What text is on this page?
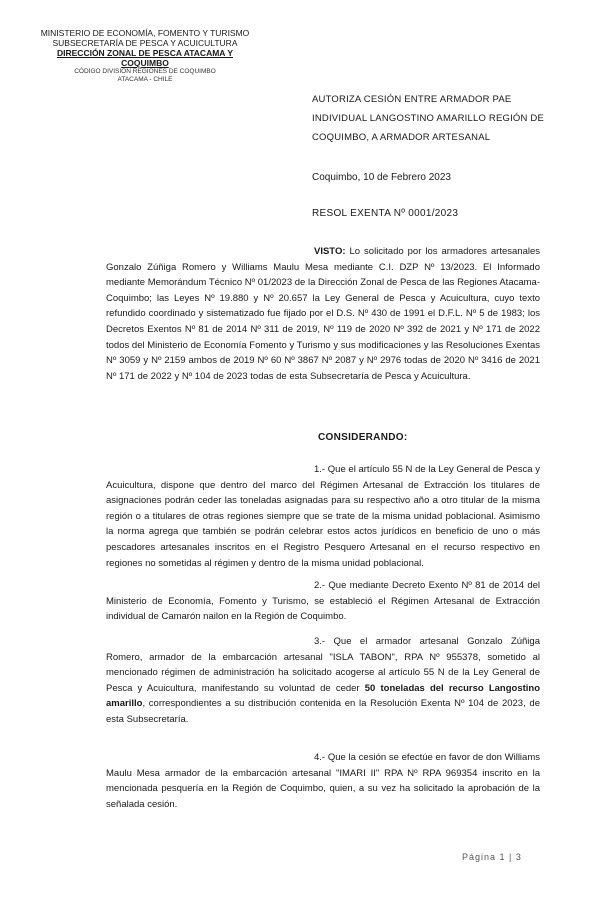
MINISTERIO DE ECONOMÍA, FOMENTO Y TURISMO
SUBSECRETARÍA DE PESCA Y ACUICULTURA
DIRECCIÓN ZONAL DE PESCA ATACAMA Y
COQUIMBO
CÓDIGO DIVISIÓN REGIONES DE COQUIMBO
ATACAMA - CHILE
AUTORIZA CESIÓN ENTRE ARMADOR PAE INDIVIDUAL LANGOSTINO AMARILLO REGIÓN DE COQUIMBO, A ARMADOR ARTESANAL
Coquimbo, 10 de Febrero 2023
RESOL EXENTA Nº 0001/2023
VISTO: Lo solicitado por los armadores artesanales Gonzalo Zúñiga Romero y Williams Maulu Mesa mediante C.I. DZP Nº 13/2023. El Informado mediante Memorándum Técnico Nº 01/2023 de la Dirección Zonal de Pesca de las Regiones Atacama-Coquimbo; las Leyes Nº 19.880 y Nº 20.657 la Ley General de Pesca y Acuicultura, cuyo texto refundido coordinado y sistematizado fue fijado por el D.S. Nº 430 de 1991 el D.F.L. Nº 5 de 1983; los Decretos Exentos Nº 81 de 2014 Nº 311 de 2019, Nº 119 de 2020 Nº 392 de 2021 y Nº 171 de 2022 todos del Ministerio de Economía Fomento y Turismo y sus modificaciones y las Resoluciones Exentas Nº 3059 y Nº 2159 ambos de 2019 Nº 60 Nº 3867 Nº 2087 y Nº 2976 todas de 2020 Nº 3416 de 2021 Nº 171 de 2022 y Nº 104 de 2023 todas de esta Subsecretaría de Pesca y Acuicultura.
CONSIDERANDO:
1.- Que el artículo 55 N de la Ley General de Pesca y Acuicultura, dispone que dentro del marco del Régimen Artesanal de Extracción los titulares de asignaciones podrán ceder las toneladas asignadas para su respectivo año a otro titular de la misma región o a titulares de otras regiones siempre que se trate de la misma unidad poblacional. Asimismo la norma agrega que también se podrán celebrar estos actos jurídicos en beneficio de uno o más pescadores artesanales inscritos en el Registro Pesquero Artesanal en el recurso respectivo en regiones no sometidas al régimen y dentro de la misma unidad poblacional.
2.- Que mediante Decreto Exento Nº 81 de 2014 del Ministerio de Economía, Fomento y Turismo, se estableció el Régimen Artesanal de Extracción individual de Camarón nailon en la Región de Coquimbo.
3.- Que el armador artesanal Gonzalo Zúñiga Romero, armador de la embarcación artesanal "ISLA TABON", RPA Nº 955378, sometido al mencionado régimen de administración ha solicitado acogerse al artículo 55 N de la Ley General de Pesca y Acuicultura, manifestando su voluntad de ceder 50 toneladas del recurso Langostino amarillo, correspondientes a su distribución contenida en la Resolución Exenta Nº 104 de 2023, de esta Subsecretaría.
4.- Que la cesión se efectúe en favor de don Williams Maulu Mesa armador de la embarcación artesanal "IMARI II" RPA Nº RPA 969354 inscrito en la mencionada pesquería en la Región de Coquimbo, quien, a su vez ha solicitado la aprobación de la señalada cesión.
Página 1 | 3
